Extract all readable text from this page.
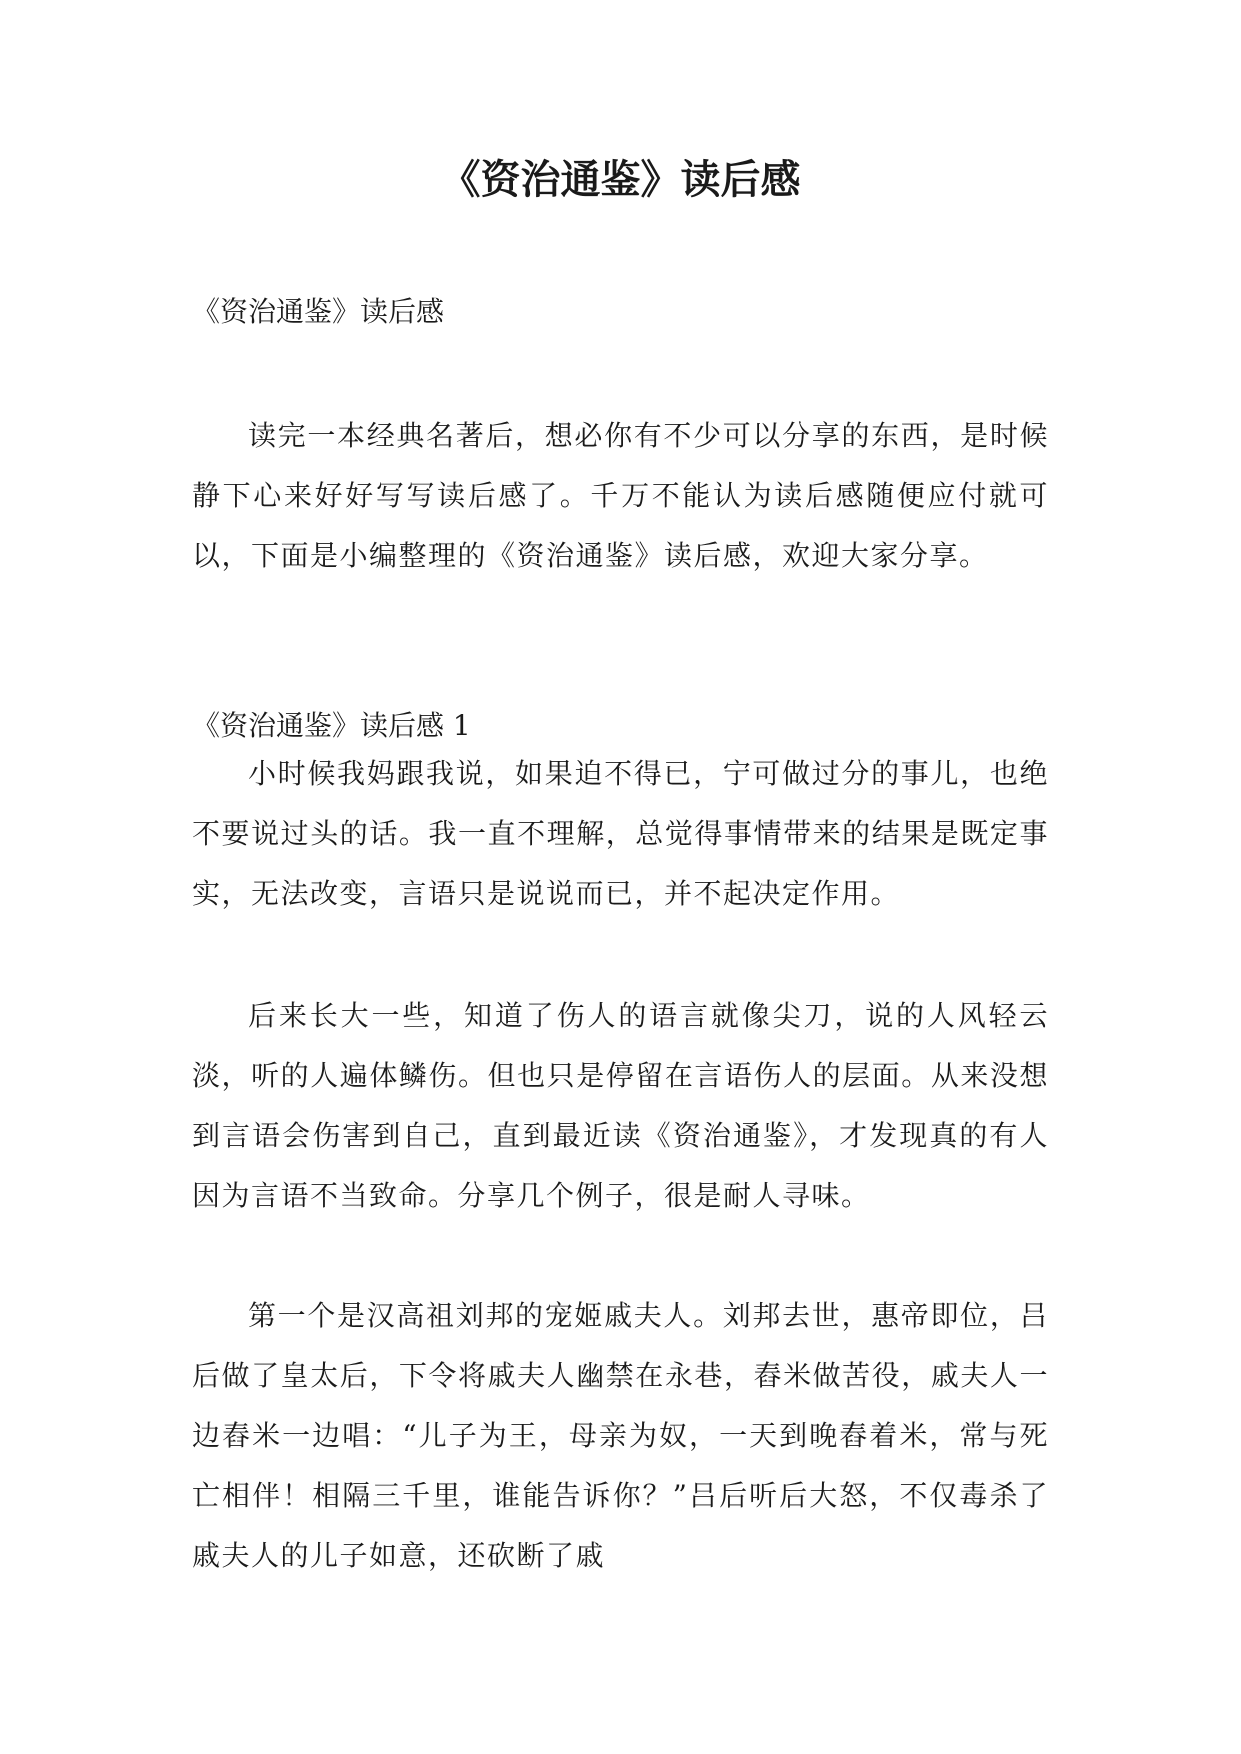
《资治通鉴》读后感

《资治通鉴》读后感

读完一本经典名著后，想必你有不少可以分享的东西，是时候静下心来好好写写读后感了。千万不能认为读后感随便应付就可以，下面是小编整理的《资治通鉴》读后感，欢迎大家分享。

《资治通鉴》读后感 1

小时候我妈跟我说，如果迫不得已，宁可做过分的事儿，也绝不要说过头的话。我一直不理解，总觉得事情带来的结果是既定事实，无法改变，言语只是说说而已，并不起决定作用。

后来长大一些，知道了伤人的语言就像尖刀，说的人风轻云淡，听的人遍体鳞伤。但也只是停留在言语伤人的层面。从来没想到言语会伤害到自己，直到最近读《资治通鉴》，才发现真的有人因为言语不当致命。分享几个例子，很是耐人寻味。

第一个是汉高祖刘邦的宠姬戚夫人。刘邦去世，惠帝即位，吕后做了皇太后，下令将戚夫人幽禁在永巷，舂米做苦役，戚夫人一边舂米一边唱：“儿子为王，母亲为奴，一天到晚舂着米，常与死亡相伴！相隔三千里，谁能告诉你？”吕后听后大怒，不仅毒杀了戚夫人的儿子如意，还砍断了戚
